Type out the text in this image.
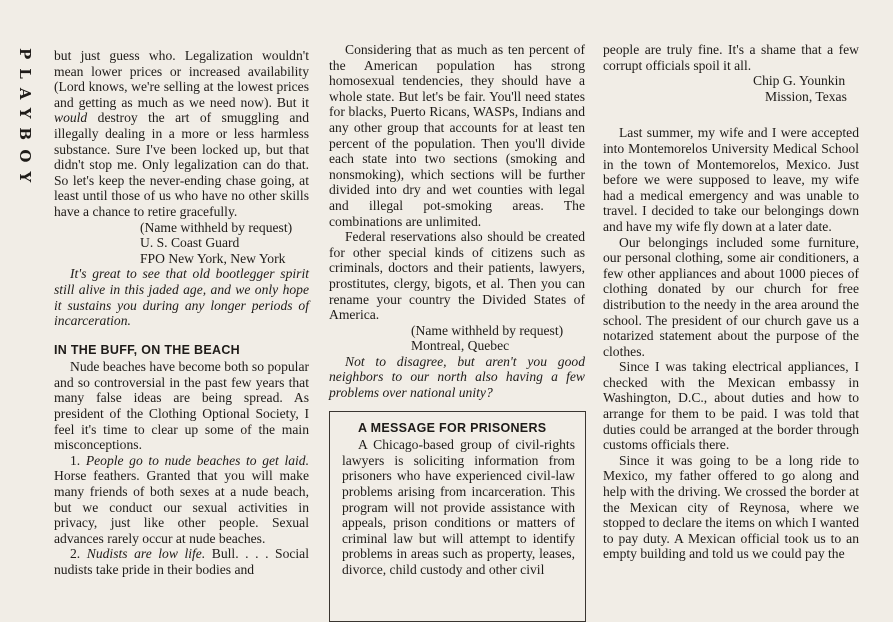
PLAYBOY but just guess who. Legalization wouldn't mean lower prices or increased availability (Lord knows, we're selling at the lowest prices and getting as much as we need now). But it would destroy the art of smuggling and illegally dealing in a more or less harmless substance. Sure I've been locked up, but that didn't stop me. Only legalization can do that. So let's keep the never-ending chase going, at least until those of us who have no other skills have a chance to retire gracefully.

(Name withheld by request)

U. S. Coast Guard

FPO New York, New York

It's great to see that old bootlegger spirit still alive in this jaded age, and we only hope it sustains you during any longer periods of incarceration.

IN THE BUFF, ON THE BEACH

Nude beaches have become both so popular and so controversial in the past few years that many false ideas are being spread. As president of the Clothing Optional Society, I feel it's time to clear up some of the main misconceptions.

1. People go to nude beaches to get laid. Horse feathers. Granted that you will make many friends of both sexes at a nude beach, but we conduct our sexual activities in privacy, just like other people. Sexual advances rarely occur at nude beaches.

2. Nudists are low life. Bull. . . . Social nudists take pride in their bodies and

Considering that as much as ten percent of the American population has strong homosexual tendencies, they should have a whole state. But let's be fair. You'll need states for blacks, Puerto Ricans, WASPs, Indians and any other group that accounts for at least ten percent of the population. Then you'll divide each state into two sections (smoking and nonsmoking), which sections will be further divided into dry and wet counties with legal and illegal pot-smoking areas. The combinations are unlimited.

Federal reservations also should be created for other special kinds of citizens such as criminals, doctors and their patients, lawyers, prostitutes, clergy, bigots, et al. Then you can rename your country the Divided States of America.

(Name withheld by request)

Montreal, Quebec

Not to disagree, but aren't you good neighbors to our north also having a few problems over national unity?

A MESSAGE FOR PRISONERS

A Chicago-based group of civil-rights lawyers is soliciting information from prisoners who have experienced civil-law problems arising from incarceration. This program will not provide assistance with appeals, prison conditions or matters of criminal law but will attempt to identify problems in areas such as property, leases, divorce, child custody and other civil

people are truly fine. It's a shame that a few corrupt officials spoil it all.

Chip G. Younkin

Mission, Texas

Last summer, my wife and I were accepted into Montemorelos University Medical School in the town of Montemorelos, Mexico. Just before we were supposed to leave, my wife had a medical emergency and was unable to travel. I decided to take our belongings down and have my wife fly down at a later date.

Our belongings included some furniture, our personal clothing, some air conditioners, a few other appliances and about 1000 pieces of clothing donated by our church for free distribution to the needy in the area around the school. The president of our church gave us a notarized statement about the purpose of the clothes.

Since I was taking electrical appliances, I checked with the Mexican embassy in Washington, D.C., about duties and how to arrange for them to be paid. I was told that duties could be arranged at the border through customs officials there.

Since it was going to be a long ride to Mexico, my father offered to go along and help with the driving. We crossed the border at the Mexican city of Reynosa, where we stopped to declare the items on which I wanted to pay duty. A Mexican official took us to an empty building and told us we could pay the
